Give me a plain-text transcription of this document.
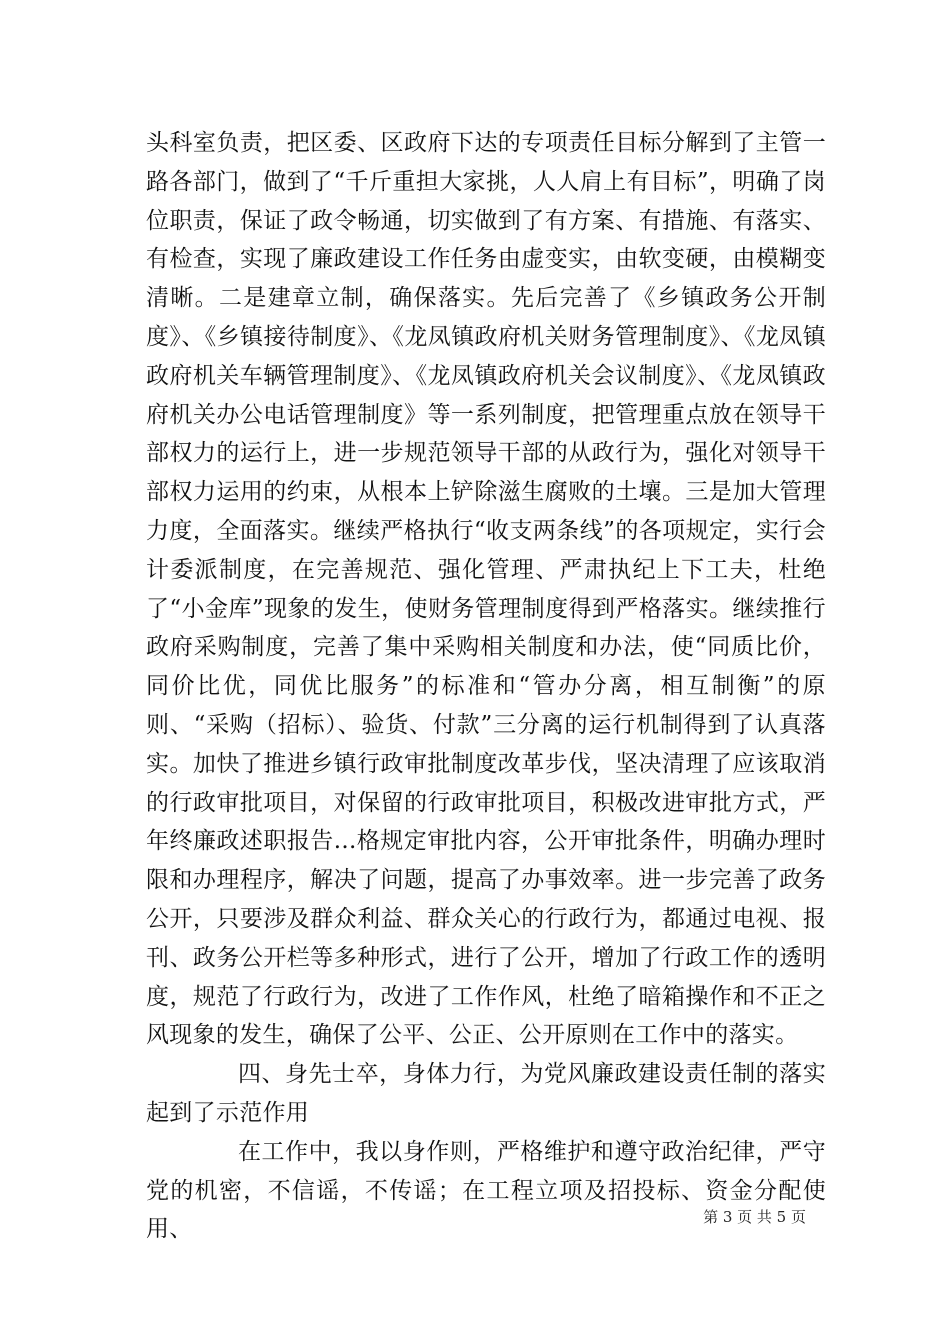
头科室负责，把区委、区政府下达的专项责任目标分解到了主管一路各部门，做到了“千斤重担大家挑，人人肩上有目标”，明确了岗位职责，保证了政令畅通，切实做到了有方案、有措施、有落实、有检查，实现了廉政建设工作任务由虚变实，由软变硬，由模糊变清晰。二是建章立制，确保落实。先后完善了《乡镇政务公开制度》、《乡镇接待制度》、《龙凤镇政府机关财务管理制度》、《龙凤镇政府机关车辆管理制度》、《龙凤镇政府机关会议制度》、《龙凤镇政府机关办公电话管理制度》等一系列制度，把管理重点放在领导干部权力的运行上，进一步规范领导干部的从政行为，强化对领导干部权力运用的约束，从根本上铲除滋生腐败的土壤。三是加大管理力度，全面落实。继续严格执行“收支两条线”的各项规定，实行会计委派制度，在完善规范、强化管理、严肃执纪上下工夫，杜绝了“小金库”现象的发生，使财务管理制度得到严格落实。继续推行政府采购制度，完善了集中采购相关制度和办法，使“同质比价，同价比优，同优比服务”的标准和“管办分离，相互制衡”的原则、“采购（招标）、验货、付款”三分离的运行机制得到了认真落实。加快了推进乡镇行政审批制度改革步伐，坚决清理了应该取消的行政审批项目，对保留的行政审批项目，积极改进审批方式，严年终廉政述职报告...格规定审批内容，公开审批条件，明确办理时限和办理程序，解决了问题，提高了办事效率。进一步完善了政务公开，只要涉及群众利益、群众关心的行政行为，都通过电视、报刊、政务公开栏等多种形式，进行了公开，增加了行政工作的透明度，规范了行政行为，改进了工作作风，杜绝了暗箱操作和不正之风现象的发生，确保了公平、公正、公开原则在工作中的落实。

四、身先士卒，身体力行，为党风廉政建设责任制的落实起到了示范作用

在工作中，我以身作则，严格维护和遵守政治纪律，严守党的机密，不信谣，不传谣；在工程立项及招投标、资金分配使用、	第 3 页 共 5 页
